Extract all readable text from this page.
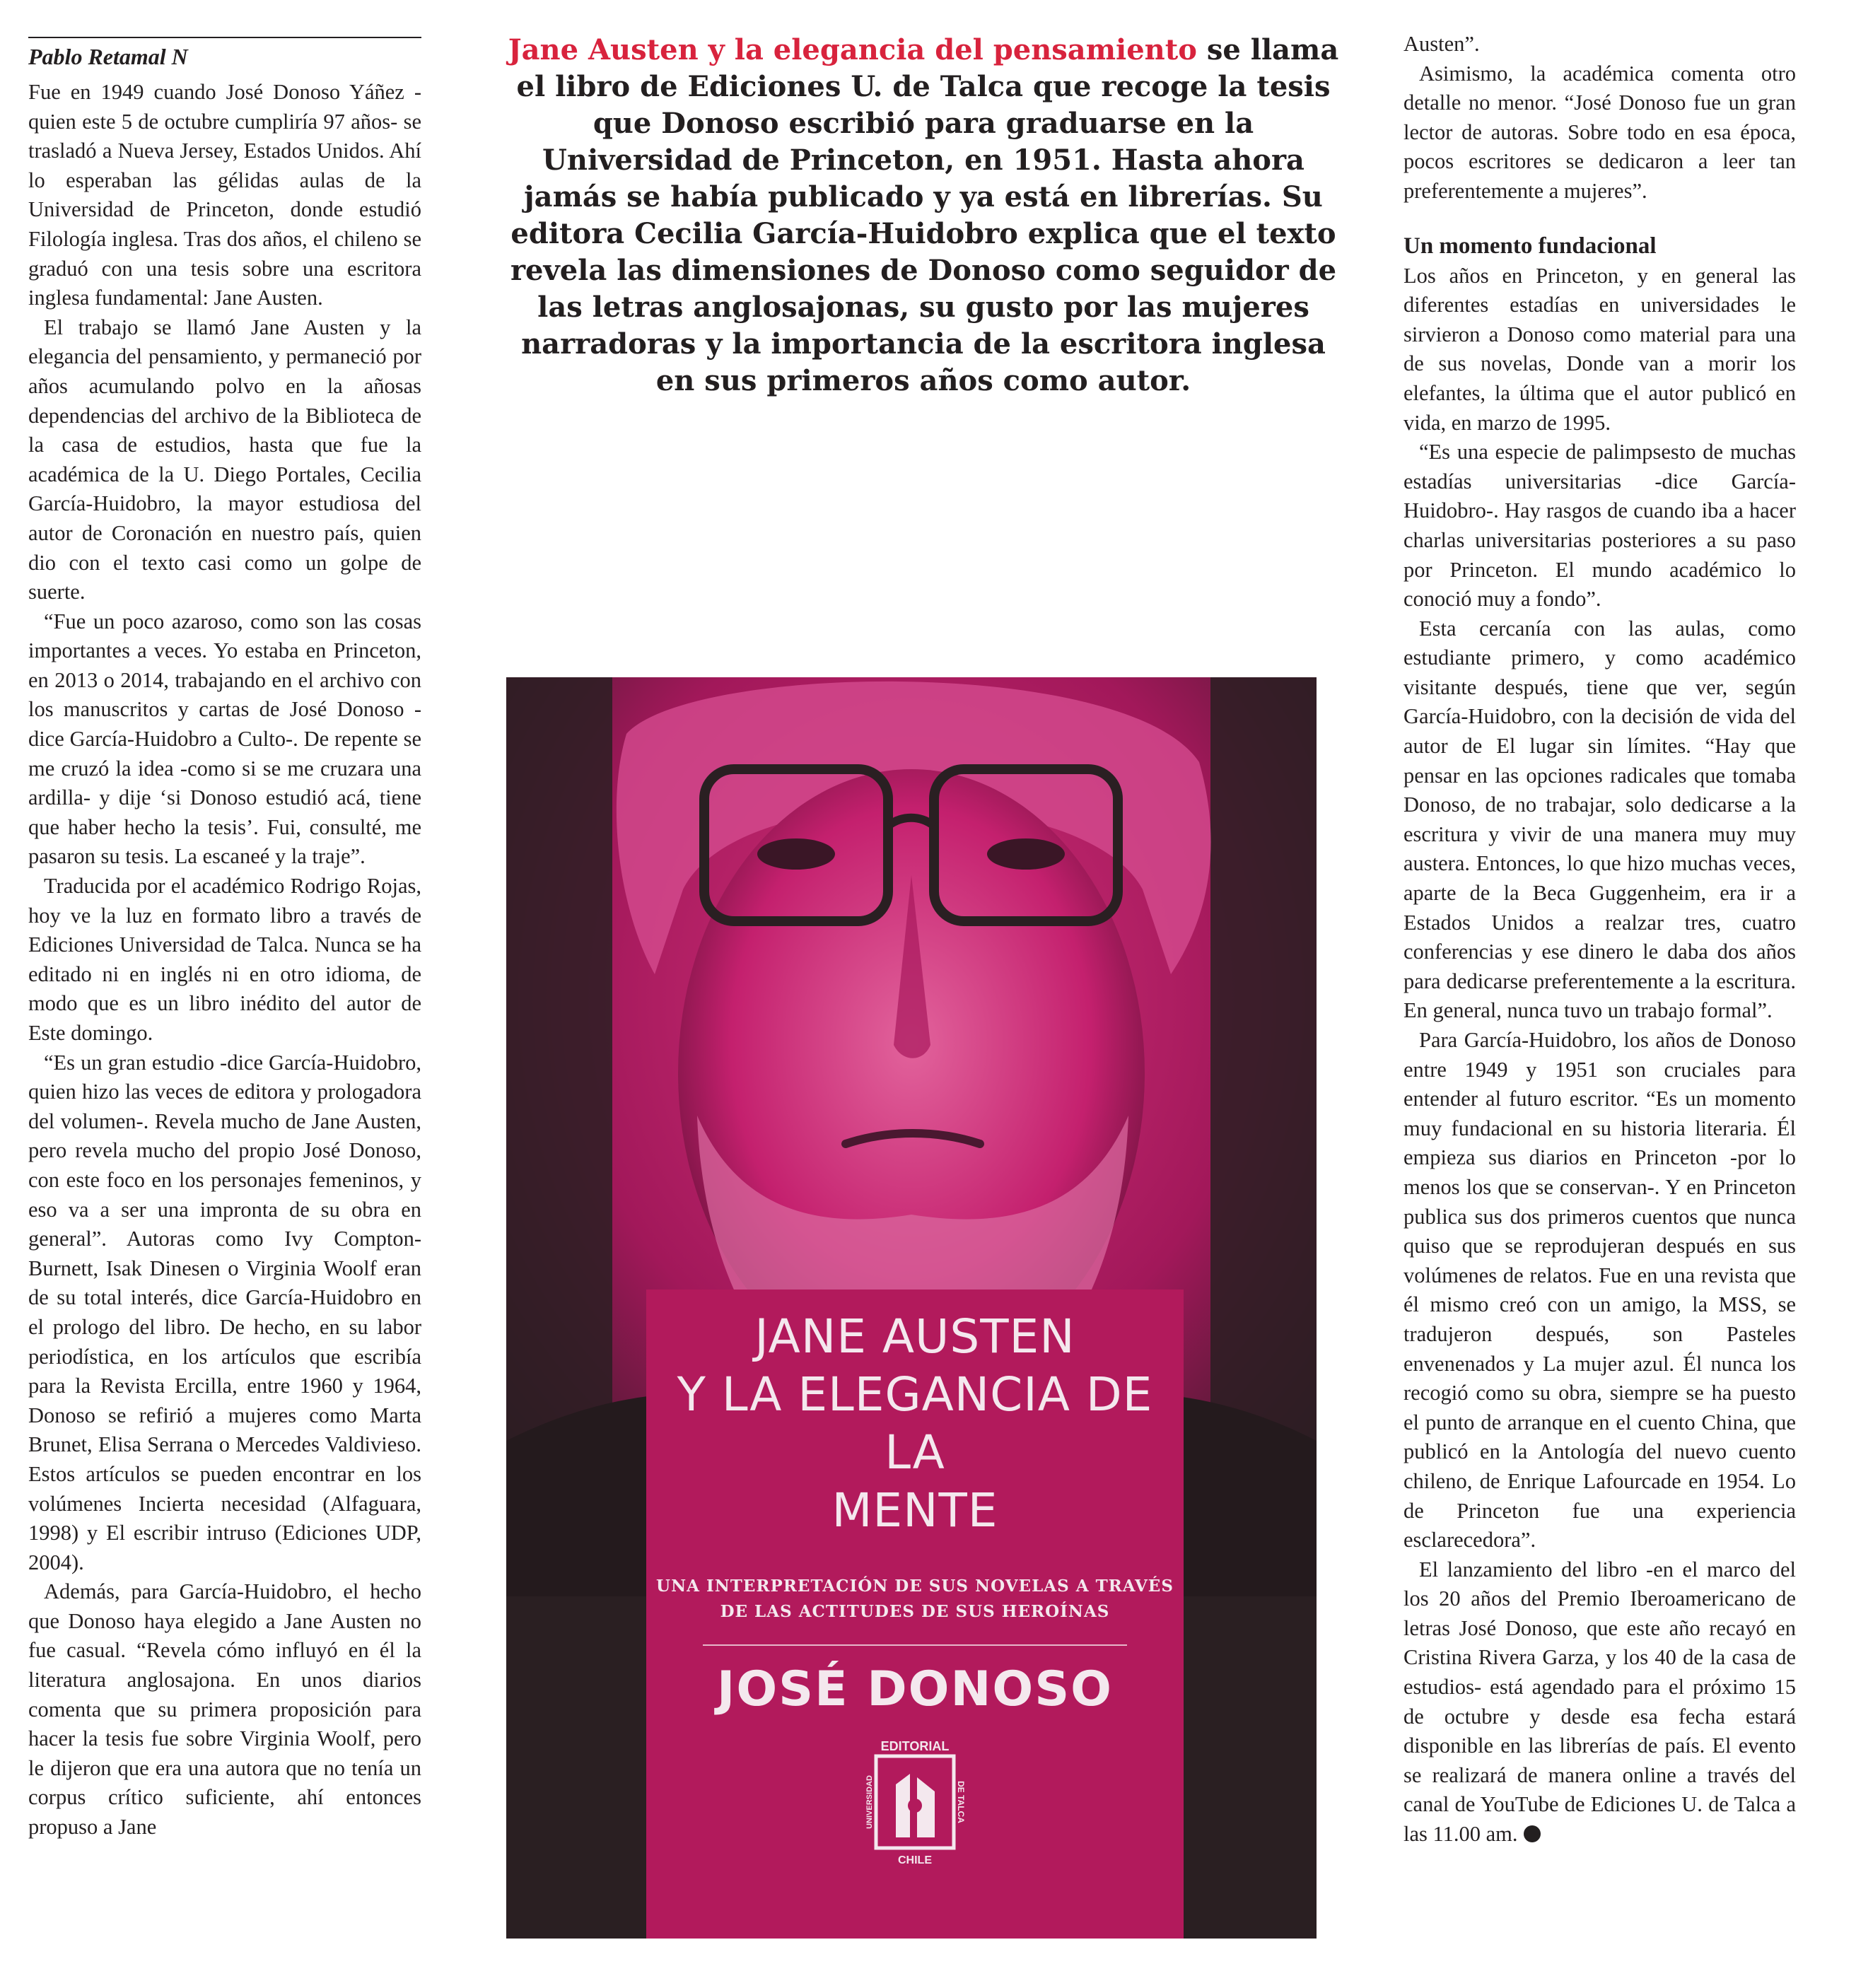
Pablo Retamal N

Fue en 1949 cuando José Donoso Yáñez -quien este 5 de octubre cumpliría 97 años- se trasladó a Nueva Jersey, Estados Unidos. Ahí lo esperaban las gélidas aulas de la Universidad de Princeton, donde estudió Filología inglesa. Tras dos años, el chileno se graduó con una tesis sobre una escritora inglesa fundamental: Jane Austen.

El trabajo se llamó Jane Austen y la elegancia del pensamiento, y permaneció por años acumulando polvo en la añosas dependencias del archivo de la Biblioteca de la casa de estudios, hasta que fue la académica de la U. Diego Portales, Cecilia García-Huidobro, la mayor estudiosa del autor de Coronación en nuestro país, quien dio con el texto casi como un golpe de suerte.

“Fue un poco azaroso, como son las cosas importantes a veces. Yo estaba en Princeton, en 2013 o 2014, trabajando en el archivo con los manuscritos y cartas de José Donoso -dice García-Huidobro a Culto-. De repente se me cruzó la idea -como si se me cruzara una ardilla- y dije ‘si Donoso estudió acá, tiene que haber hecho la tesis’. Fui, consulté, me pasaron su tesis. La escaneé y la traje”.

Traducida por el académico Rodrigo Rojas, hoy ve la luz en formato libro a través de Ediciones Universidad de Talca. Nunca se ha editado ni en inglés ni en otro idioma, de modo que es un libro inédito del autor de Este domingo.

“Es un gran estudio -dice García-Huidobro, quien hizo las veces de editora y prologadora del volumen-. Revela mucho de Jane Austen, pero revela mucho del propio José Donoso, con este foco en los personajes femeninos, y eso va a ser una impronta de su obra en general”. Autoras como Ivy Compton-Burnett, Isak Dinesen o Virginia Woolf eran de su total interés, dice García-Huidobro en el prologo del libro. De hecho, en su labor periodística, en los artículos que escribía para la Revista Ercilla, entre 1960 y 1964, Donoso se refirió a mujeres como Marta Brunet, Elisa Serrana o Mercedes Valdivieso. Estos artículos se pueden encontrar en los volúmenes Incierta necesidad (Alfaguara, 1998) y El escribir intruso (Ediciones UDP, 2004).

Además, para García-Huidobro, el hecho que Donoso haya elegido a Jane Austen no fue casual. “Revela cómo influyó en él la literatura anglosajona. En unos diarios comenta que su primera proposición para hacer la tesis fue sobre Virginia Woolf, pero le dijeron que era una autora que no tenía un corpus crítico suficiente, ahí entonces propuso a Jane

Jane Austen y la elegancia del pensamiento se llama el libro de Ediciones U. de Talca que recoge la tesis que Donoso escribió para graduarse en la Universidad de Princeton, en 1951. Hasta ahora jamás se había publicado y ya está en librerías. Su editora Cecilia García-Huidobro explica que el texto revela las dimensiones de Donoso como seguidor de las letras anglosajonas, su gusto por las mujeres narradoras y la importancia de la escritora inglesa en sus primeros años como autor.
JANE AUSTEN
Y LA ELEGANCIA DE LA
MENTE
UNA INTERPRETACIÓN DE SUS NOVELAS A TRAVÉS
DE LAS ACTITUDES DE SUS HEROÍNAS
JOSÉ DONOSO
EDITORIAL
CHILE
UNIVERSIDAD	DE TALCA

Austen”.

Asimismo, la académica comenta otro detalle no menor. “José Donoso fue un gran lector de autoras. Sobre todo en esa época, pocos escritores se dedicaron a leer tan preferentemente a mujeres”.

Un momento fundacional

Los años en Princeton, y en general las diferentes estadías en universidades le sirvieron a Donoso como material para una de sus novelas, Donde van a morir los elefantes, la última que el autor publicó en vida, en marzo de 1995.

“Es una especie de palimpsesto de muchas estadías universitarias -dice García-Huidobro-. Hay rasgos de cuando iba a hacer charlas universitarias posteriores a su paso por Princeton. El mundo académico lo conoció muy a fondo”.

Esta cercanía con las aulas, como estudiante primero, y como académico visitante después, tiene que ver, según García-Huidobro, con la decisión de vida del autor de El lugar sin límites. “Hay que pensar en las opciones radicales que tomaba Donoso, de no trabajar, solo dedicarse a la escritura y vivir de una manera muy muy austera. Entonces, lo que hizo muchas veces, aparte de la Beca Guggenheim, era ir a Estados Unidos a realzar tres, cuatro conferencias y ese dinero le daba dos años para dedicarse preferentemente a la escritura. En general, nunca tuvo un trabajo formal”.

Para García-Huidobro, los años de Donoso entre 1949 y 1951 son cruciales para entender al futuro escritor. “Es un momento muy fundacional en su historia literaria. Él empieza sus diarios en Princeton -por lo menos los que se conservan-. Y en Princeton publica sus dos primeros cuentos que nunca quiso que se reprodujeran después en sus volúmenes de relatos. Fue en una revista que él mismo creó con un amigo, la MSS, se tradujeron después, son Pasteles envenenados y La mujer azul. Él nunca los recogió como su obra, siempre se ha puesto el punto de arranque en el cuento China, que publicó en la Antología del nuevo cuento chileno, de Enrique Lafourcade en 1954. Lo de Princeton fue una experiencia esclarecedora”.

El lanzamiento del libro -en el marco del los 20 años del Premio Iberoamericano de letras José Donoso, que este año recayó en Cristina Rivera Garza, y los 40 de la casa de estudios- está agendado para el próximo 15 de octubre y desde esa fecha estará disponible en las librerías de país. El evento se realizará de manera online a través del canal de YouTube de Ediciones U. de Talca a las 11.00 am.
